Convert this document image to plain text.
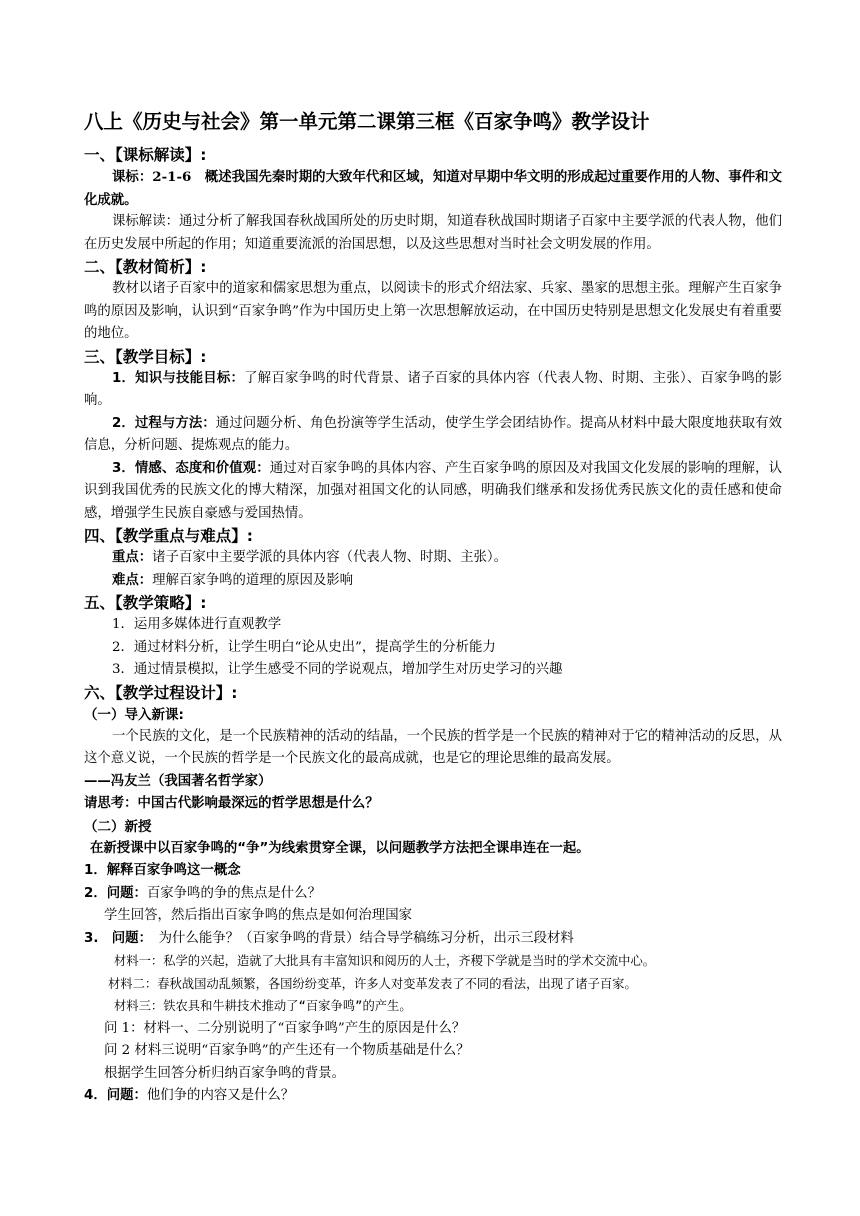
八上《历史与社会》第一单元第二课第三框《百家争鸣》教学设计
一、【课标解读】:

课标：2-1-6　概述我国先秦时期的大致年代和区域，知道对早期中华文明的形成起过重要作用的人物、事件和文化成就。

课标解读：通过分析了解我国春秋战国所处的历史时期，知道春秋战国时期诸子百家中主要学派的代表人物，他们在历史发展中所起的作用；知道重要流派的治国思想，以及这些思想对当时社会文明发展的作用。

二、【教材简析】:

教材以诸子百家中的道家和儒家思想为重点，以阅读卡的形式介绍法家、兵家、墨家的思想主张。理解产生百家争鸣的原因及影响，认识到“百家争鸣”作为中国历史上第一次思想解放运动，在中国历史特别是思想文化发展史有着重要的地位。

三、【教学目标】:

1．知识与技能目标：了解百家争鸣的时代背景、诸子百家的具体内容（代表人物、时期、主张）、百家争鸣的影响。

2．过程与方法：通过问题分析、角色扮演等学生活动，使学生学会团结协作。提高从材料中最大限度地获取有效信息，分析问题、提炼观点的能力。

3．情感、态度和价值观：通过对百家争鸣的具体内容、产生百家争鸣的原因及对我国文化发展的影响的理解，认识到我国优秀的民族文化的博大精深，加强对祖国文化的认同感，明确我们继承和发扬优秀民族文化的责任感和使命感，增强学生民族自豪感与爱国热情。

四、【教学重点与难点】:

重点：诸子百家中主要学派的具体内容（代表人物、时期、主张）。

难点：理解百家争鸣的道理的原因及影响

五、【教学策略】:

1．运用多媒体进行直观教学

2．通过材料分析，让学生明白“论从史出”，提高学生的分析能力

3．通过情景模拟，让学生感受不同的学说观点，增加学生对历史学习的兴趣

六、【教学过程设计】:
（一）导入新课:

一个民族的文化，是一个民族精神的活动的结晶，一个民族的哲学是一个民族的精神对于它的精神活动的反思，从这个意义说，一个民族的哲学是一个民族文化的最高成就，也是它的理论思维的最高发展。

——冯友兰（我国著名哲学家）

请思考：中国古代影响最深远的哲学思想是什么？

（二）新授

在新授课中以百家争鸣的“争”为线索贯穿全课，以问题教学方法把全课串连在一起。

1．解释百家争鸣这一概念

2．问题：百家争鸣的争的焦点是什么？

学生回答，然后指出百家争鸣的焦点是如何治理国家

3.　问题：　为什么能争？（百家争鸣的背景）结合导学稿练习分析，出示三段材料

材料一：私学的兴起，造就了大批具有丰富知识和阅历的人士，齐稷下学就是当时的学术交流中心。

材料二：春秋战国动乱频繁，各国纷纷变革，许多人对变革发表了不同的看法，出现了诸子百家。

材料三：铁农具和牛耕技术推动了“百家争鸣”的产生。

问 1：材料一、二分别说明了“百家争鸣”产生的原因是什么？

问 2 材料三说明“百家争鸣”的产生还有一个物质基础是什么？

根据学生回答分析归纳百家争鸣的背景。

4．问题：他们争的内容又是什么？
